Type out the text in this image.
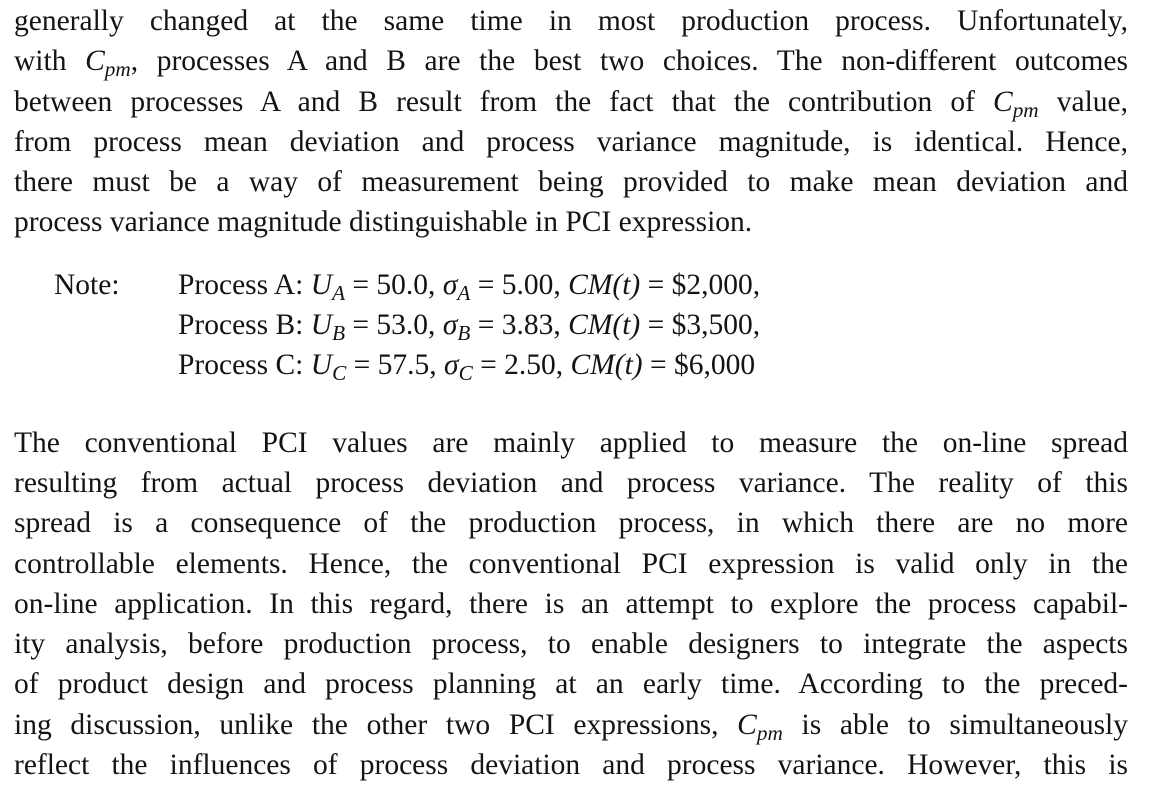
generally changed at the same time in most production process. Unfortunately,
with $C_{pm}$, processes A and B are the best two choices. The non-different outcomes
between processes A and B result from the fact that the contribution of $C_{pm}$ value,
from process mean deviation and process variance magnitude, is identical. Hence,
there must be a way of measurement being provided to make mean deviation and
process variance magnitude distinguishable in PCI expression.

Note:	Process A: $U_A = 50.0$, $\sigma_A = 5.00$, CM(t) = $2,000,
Process B: $U_B = 53.0$, $\sigma_B = 3.83$, CM(t) = $3,500,
Process C: $U_C = 57.5$, $\sigma_C = 2.50$, CM(t) = $6,000

The conventional PCI values are mainly applied to measure the on-line spread
resulting from actual process deviation and process variance. The reality of this
spread is a consequence of the production process, in which there are no more
controllable elements. Hence, the conventional PCI expression is valid only in the
on-line application. In this regard, there is an attempt to explore the process capabil-
ity analysis, before production process, to enable designers to integrate the aspects
of product design and process planning at an early time. According to the preced-
ing discussion, unlike the other two PCI expressions, $C_{pm}$ is able to simultaneously
reflect the influences of process deviation and process variance. However, this is
